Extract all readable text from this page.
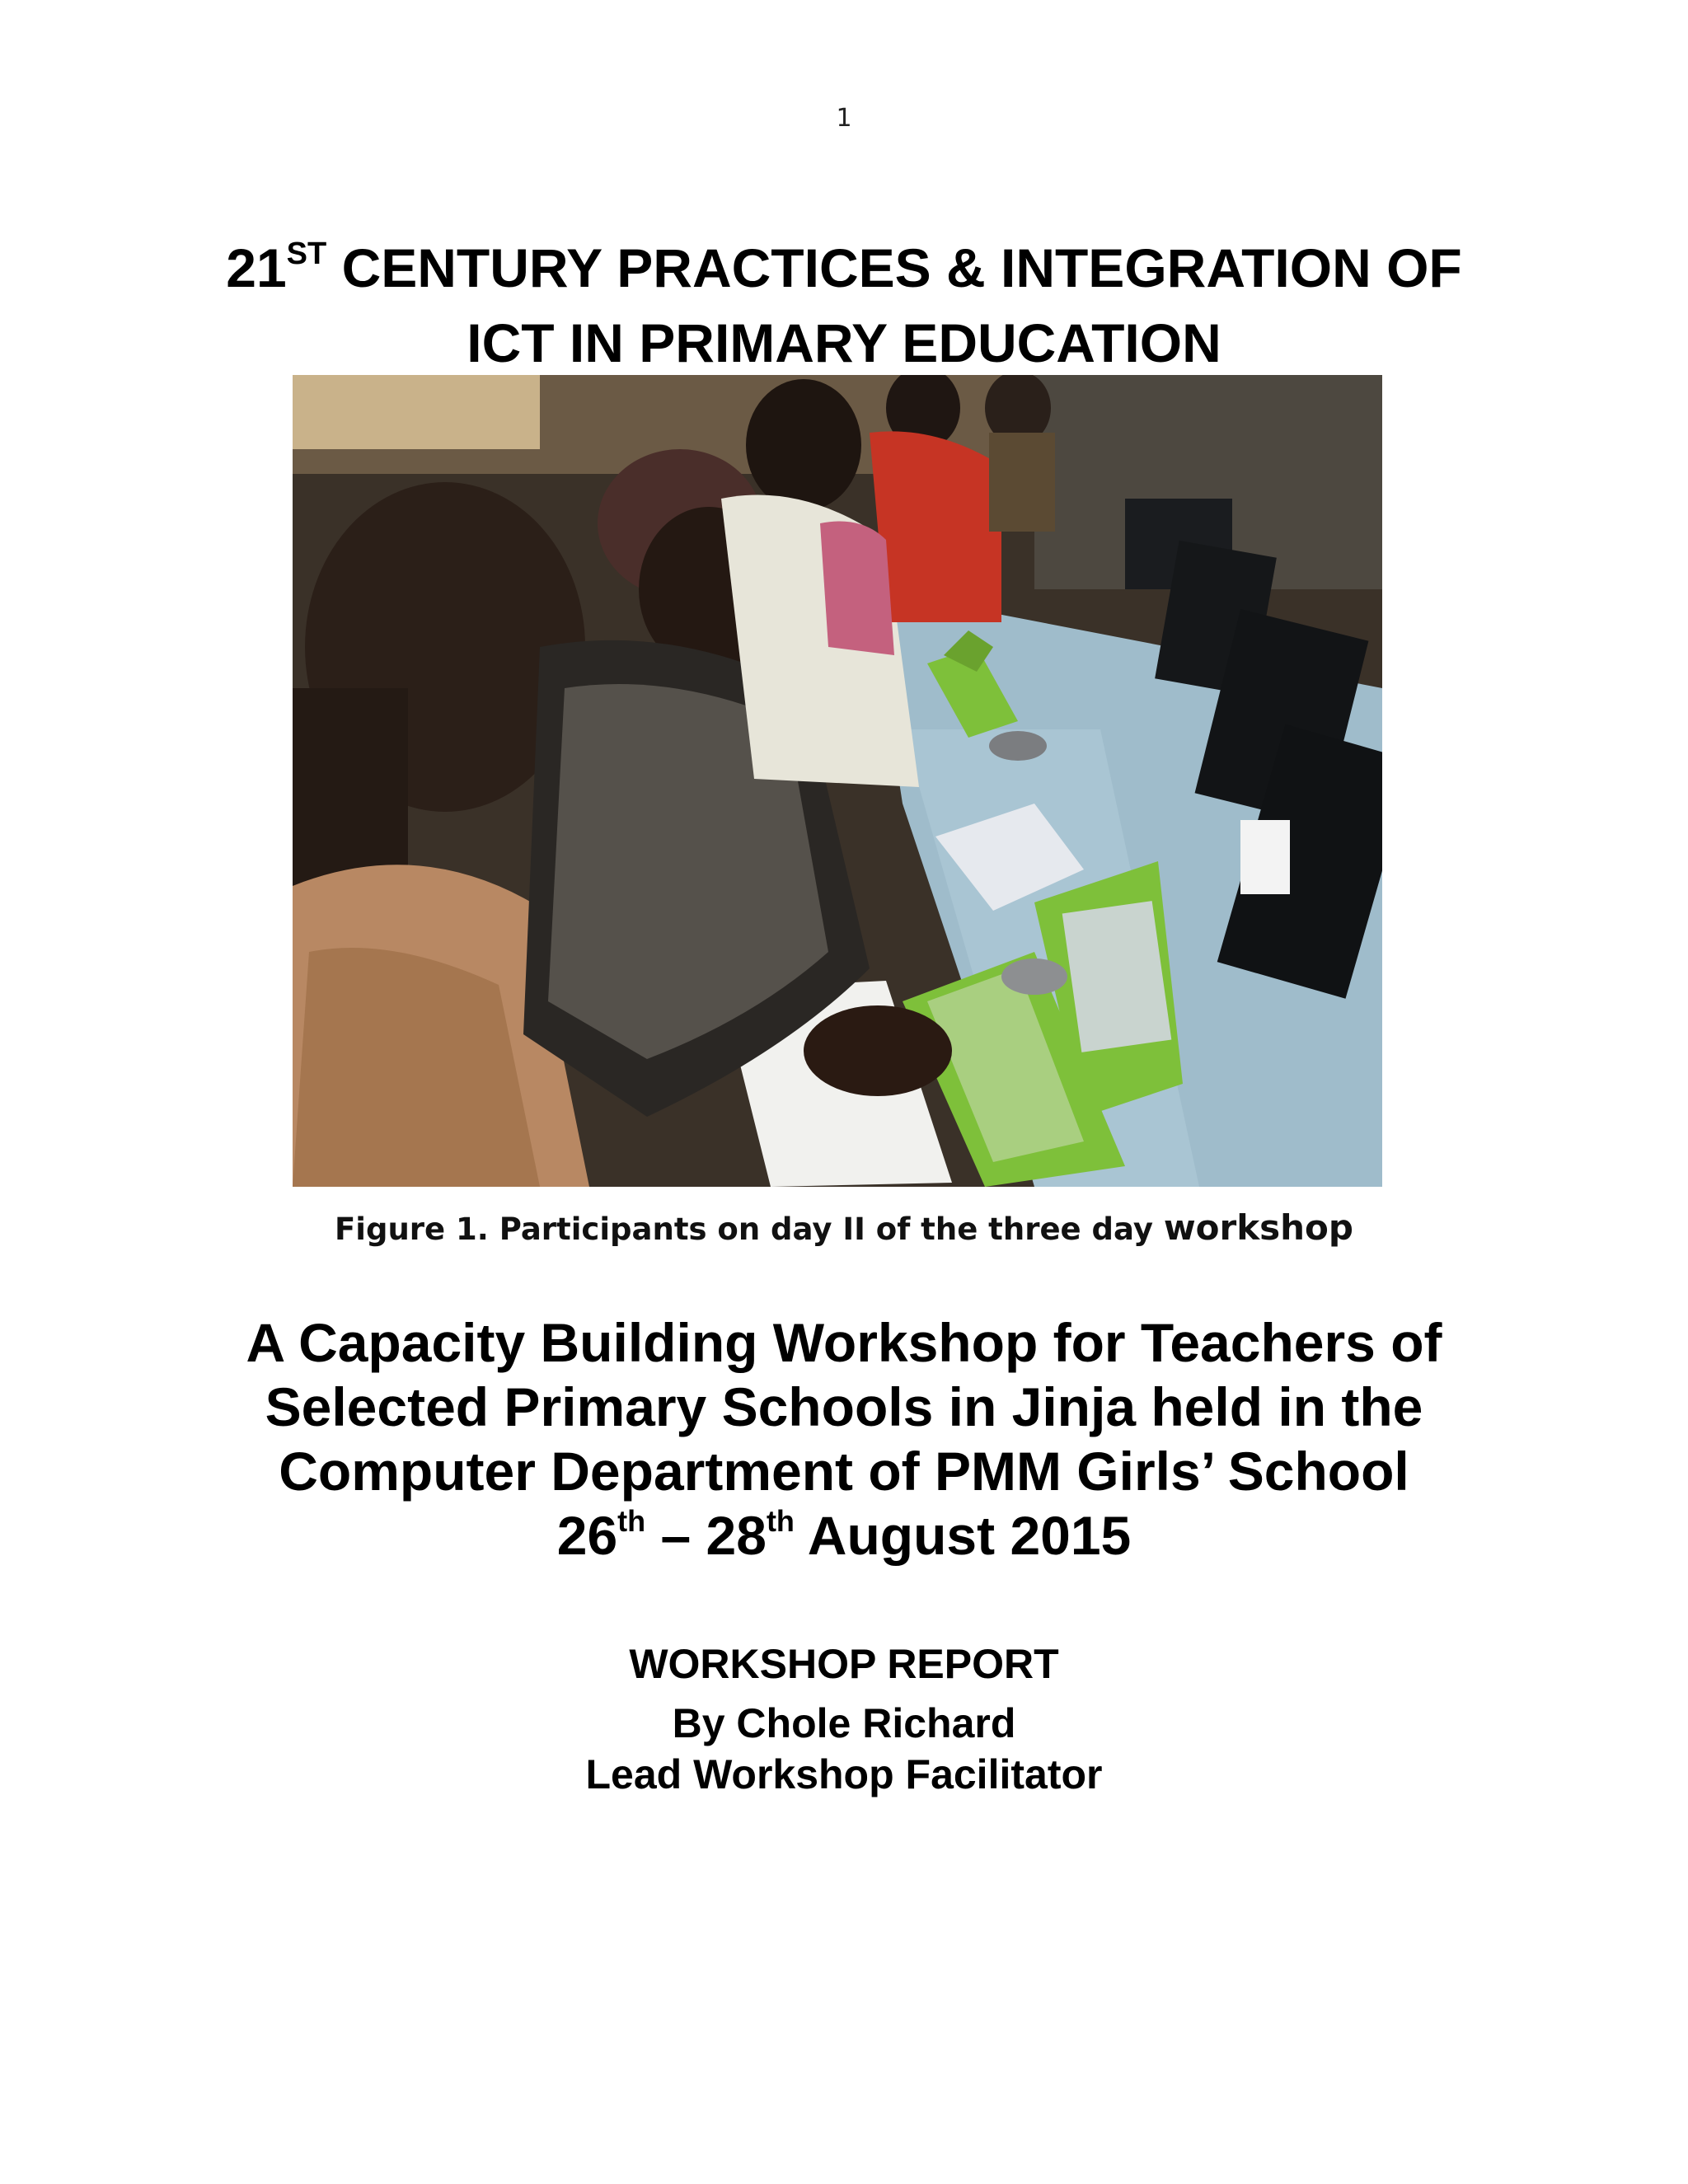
1
21ST CENTURY PRACTICES & INTEGRATION OF
ICT IN PRIMARY EDUCATION
Figure 1. Participants on day II of the three day workshop
A Capacity Building Workshop for Teachers of
Selected Primary Schools in Jinja held in the
Computer Department of PMM Girls’ School
26th – 28th August 2015
WORKSHOP REPORT
By Chole Richard
Lead Workshop Facilitator
